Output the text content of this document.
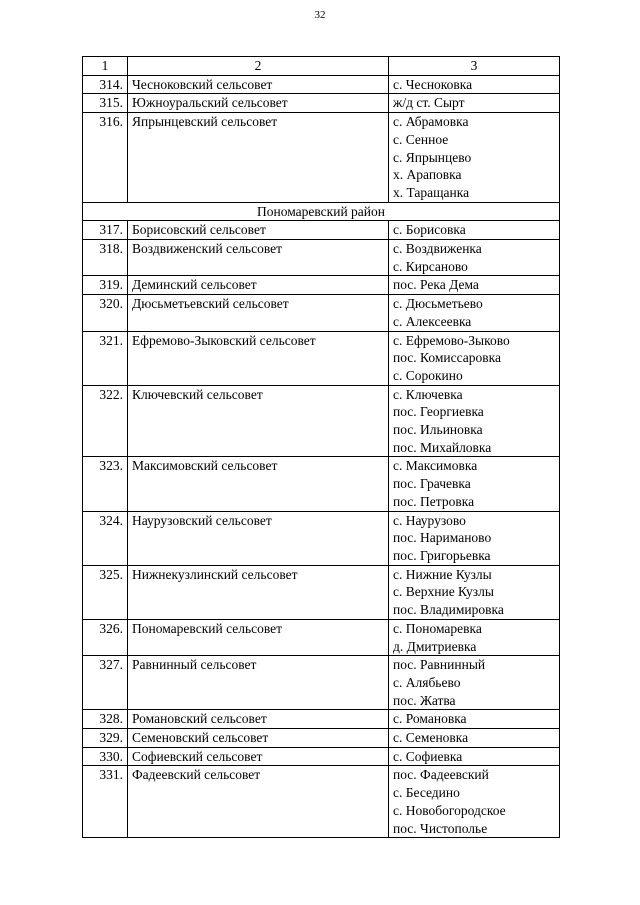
32
1	2	3
314.	Чесноковский сельсовет	с. Чесноковка

315.	Южноуральский сельсовет	ж/д ст. Сырт

316.	Япрынцевский сельсовет	с. Абрамовка
с. Сенное
с. Япрынцево
х. Араповка
х. Таращанка

Пономаревский район		
317.	Борисовский сельсовет	с. Борисовка

318.	Воздвиженский сельсовет	с. Воздвиженка
с. Кирсаново

319.	Деминский сельсовет	пос. Река Дема

320.	Дюсьметьевский сельсовет	с. Дюсьметьево
с. Алексеевка

321.	Ефремово-Зыковский сельсовет	с. Ефремово-Зыково
пос. Комиссаровка
с. Сорокино

322.	Ключевский сельсовет	с. Ключевка
пос. Георгиевка
пос. Ильиновка
пос. Михайловка

323.	Максимовский сельсовет	с. Максимовка
пос. Грачевка
пос. Петровка

324.	Наурузовский сельсовет	с. Наурузово
пос. Нариманово
пос. Григорьевка

325.	Нижнекузлинский сельсовет	с. Нижние Кузлы
с. Верхние Кузлы
пос. Владимировка

326.	Пономаревский сельсовет	с. Пономаревка
д. Дмитриевка

327.	Равнинный сельсовет	пос. Равнинный
с. Алябьево
пос. Жатва

328.	Романовский сельсовет	с. Романовка

329.	Семеновский сельсовет	с. Семеновка

330.	Софиевский сельсовет	с. Софиевка

331.	Фадеевский сельсовет	пос. Фадеевский
с. Беседино
с. Новобогородское
пос. Чистополье
